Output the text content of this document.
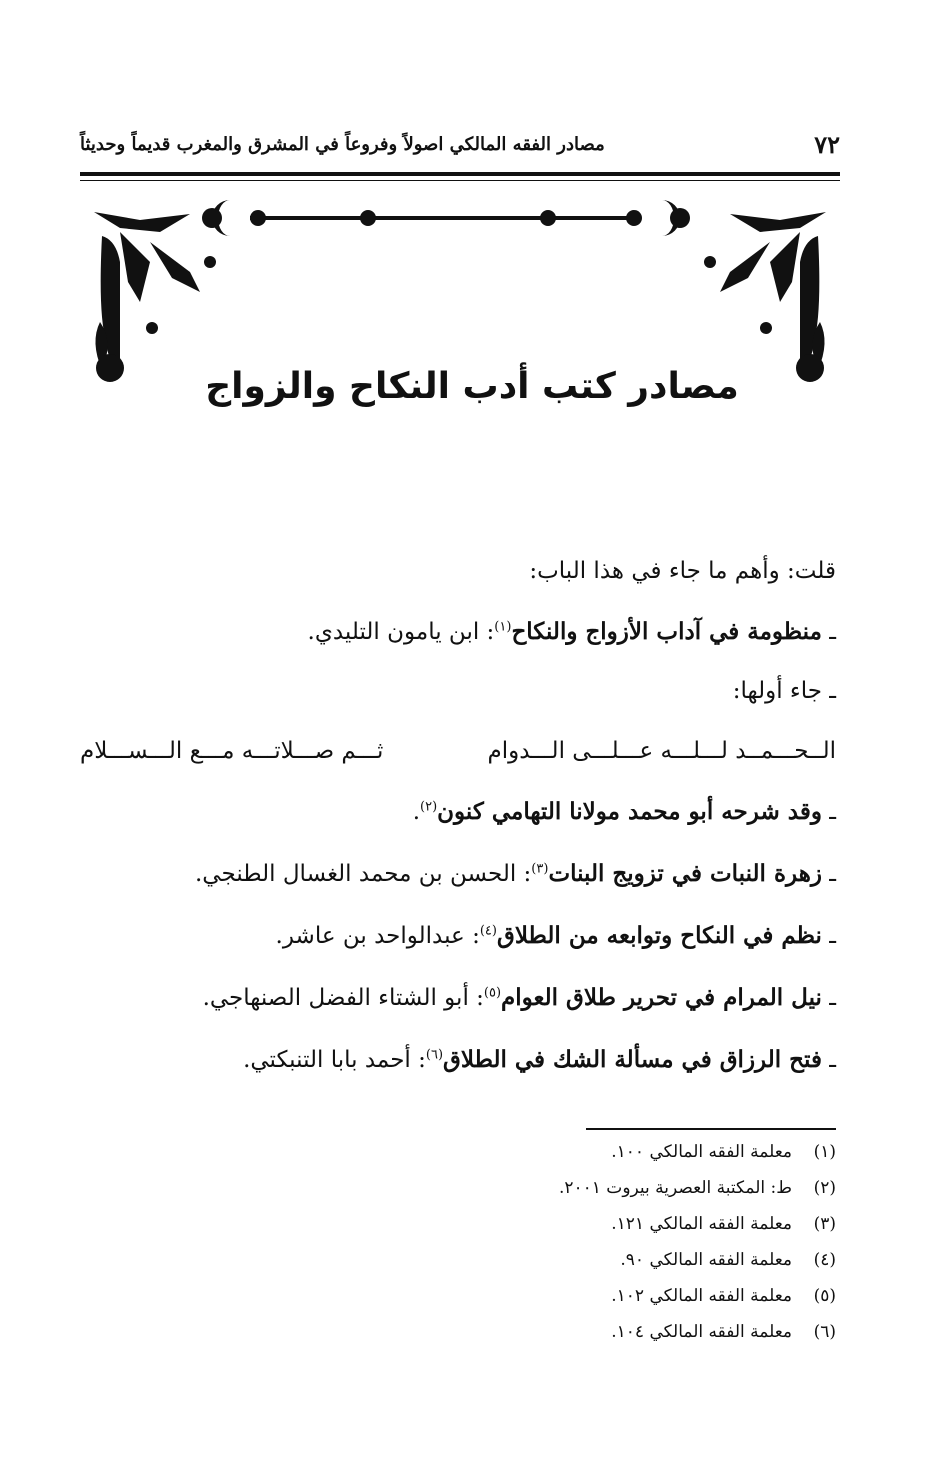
٧٢
مصادر الفقه المالكي اصولاً وفروعاً في المشرق والمغرب قديماً وحديثاً
مصادر كتب أدب النكاح والزواج
قلت: وأهم ما جاء في هذا الباب:
ـ منظومة في آداب الأزواج والنكاح$^{(١)}$: ابن يامون التليدي.
ـ جاء أولها:
الــحـــمــد لـــلـــه عـــلـــى الـــدوام
ثـــم صـــلاتـــه مـــع الـــســـلام
ـ وقد شرحه أبو محمد مولانا التهامي كنون$^{(٢)}$.
ـ زهرة النبات في تزويج البنات$^{(٣)}$: الحسن بن محمد الغسال الطنجي.
ـ نظم في النكاح وتوابعه من الطلاق$^{(٤)}$: عبدالواحد بن عاشر.
ـ نيل المرام في تحرير طلاق العوام$^{(٥)}$: أبو الشتاء الفضل الصنهاجي.
ـ فتح الرزاق في مسألة الشك في الطلاق$^{(٦)}$: أحمد بابا التنبكتي.
(١)معلمة الفقه المالكي ١٠٠.
(٢)ط: المكتبة العصرية بيروت ٢٠٠١.
(٣)معلمة الفقه المالكي ١٢١.
(٤)معلمة الفقه المالكي ٩٠.
(٥)معلمة الفقه المالكي ١٠٢.
(٦)معلمة الفقه المالكي ١٠٤.
